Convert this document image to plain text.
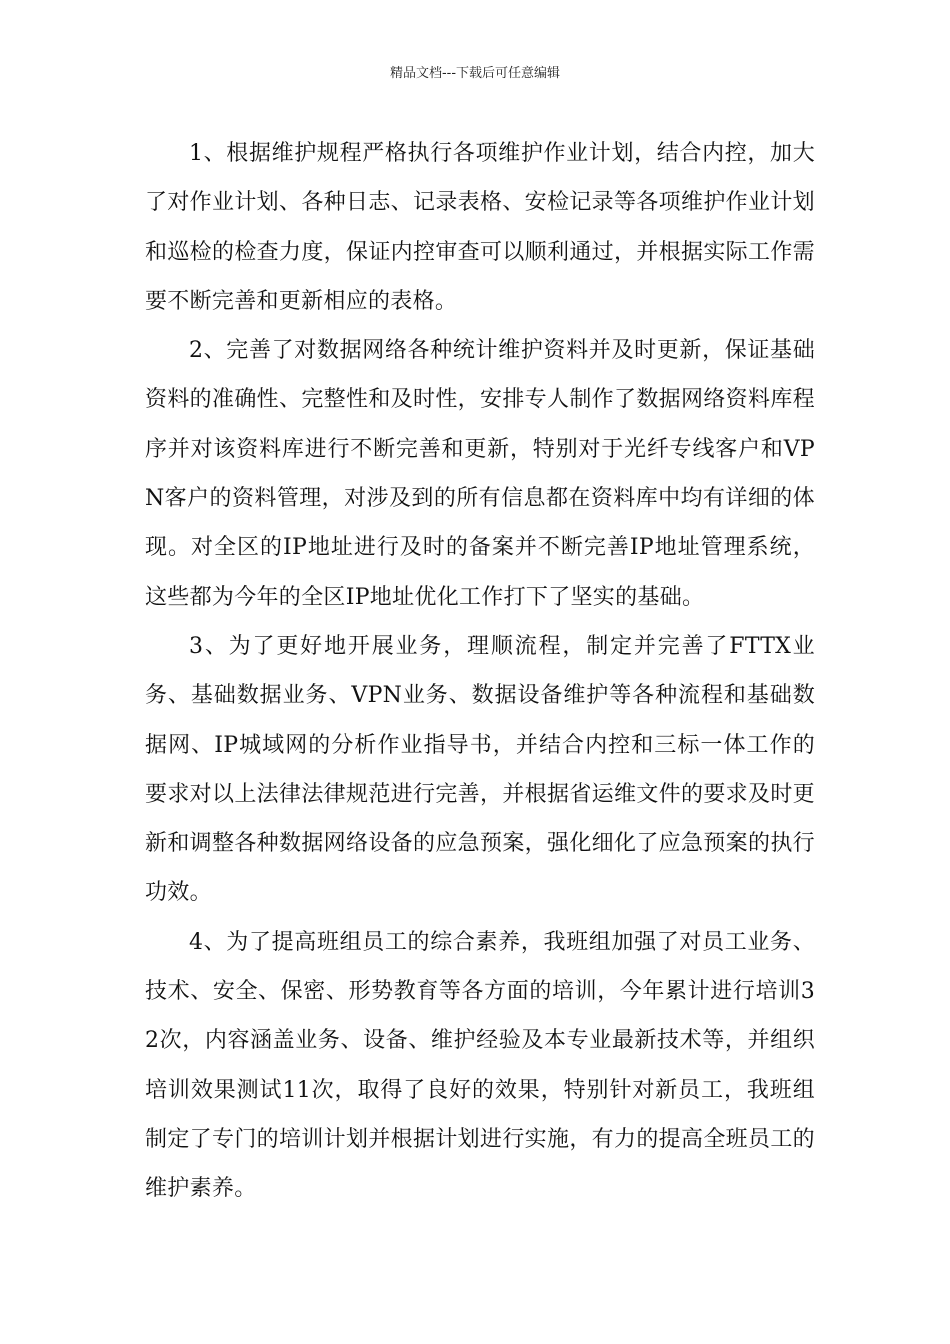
精品文档---下载后可任意编辑

1、根据维护规程严格执行各项维护作业计划，结合内控，加大了对作业计划、各种日志、记录表格、安检记录等各项维护作业计划和巡检的检查力度，保证内控审查可以顺利通过，并根据实际工作需要不断完善和更新相应的表格。

2、完善了对数据网络各种统计维护资料并及时更新，保证基础资料的准确性、完整性和及时性，安排专人制作了数据网络资料库程序并对该资料库进行不断完善和更新，特别对于光纤专线客户和VPN客户的资料管理，对涉及到的所有信息都在资料库中均有详细的体现。对全区的IP地址进行及时的备案并不断完善IP地址管理系统，这些都为今年的全区IP地址优化工作打下了坚实的基础。

3、为了更好地开展业务，理顺流程，制定并完善了FTTX业务、基础数据业务、VPN业务、数据设备维护等各种流程和基础数据网、IP城域网的分析作业指导书，并结合内控和三标一体工作的要求对以上法律法律规范进行完善，并根据省运维文件的要求及时更新和调整各种数据网络设备的应急预案，强化细化了应急预案的执行功效。

4、为了提高班组员工的综合素养，我班组加强了对员工业务、技术、安全、保密、形势教育等各方面的培训，今年累计进行培训32次，内容涵盖业务、设备、维护经验及本专业最新技术等，并组织培训效果测试11次，取得了良好的效果，特别针对新员工，我班组制定了专门的培训计划并根据计划进行实施，有力的提高全班员工的维护素养。
